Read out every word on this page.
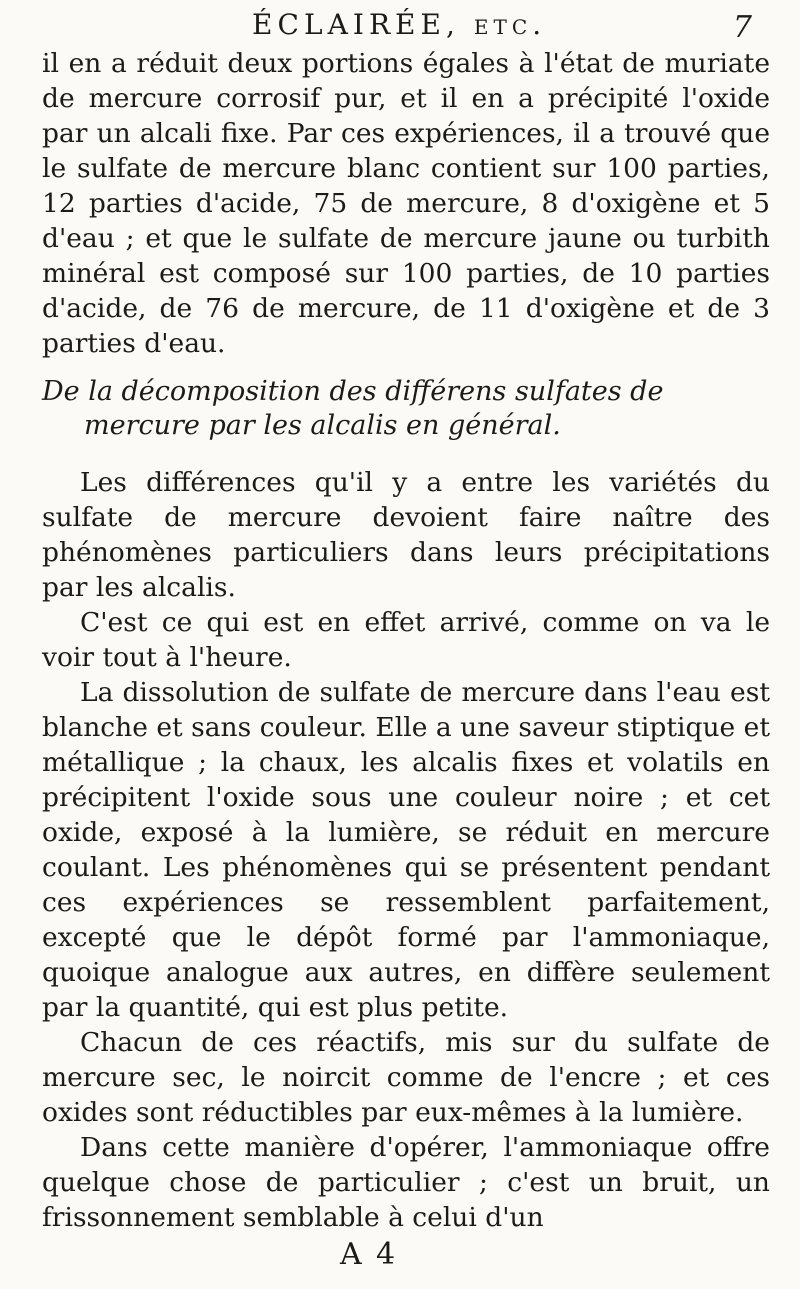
ÉCLAIRÉE, etc.	7

il en a réduit deux portions égales à l'état de muriate de mercure corrosif pur, et il en a précipité l'oxide par un alcali fixe. Par ces expériences, il a trouvé que le sulfate de mercure blanc contient sur 100 parties, 12 parties d'acide, 75 de mercure, 8 d'oxigène et 5 d'eau ; et que le sulfate de mercure jaune ou turbith minéral est composé sur 100 parties, de 10 parties d'acide, de 76 de mercure, de 11 d'oxigène et de 3 parties d'eau.

De la décomposition des différens sulfates de
mercure par les alcalis en général.

Les différences qu'il y a entre les variétés du sulfate de mercure devoient faire naître des phénomènes particuliers dans leurs précipitations par les alcalis.

C'est ce qui est en effet arrivé, comme on va le voir tout à l'heure.

La dissolution de sulfate de mercure dans l'eau est blanche et sans couleur. Elle a une saveur stiptique et métallique ; la chaux, les alcalis fixes et volatils en précipitent l'oxide sous une couleur noire ; et cet oxide, exposé à la lumière, se réduit en mercure coulant. Les phénomènes qui se présentent pendant ces expériences se ressemblent parfaitement, excepté que le dépôt formé par l'ammoniaque, quoique analogue aux autres, en diffère seulement par la quantité, qui est plus petite.

Chacun de ces réactifs, mis sur du sulfate de mercure sec, le noircit comme de l'encre ; et ces oxides sont réductibles par eux-mêmes à la lumière.

Dans cette manière d'opérer, l'ammoniaque offre quelque chose de particulier ; c'est un bruit, un frissonnement semblable à celui d'un

A 4
